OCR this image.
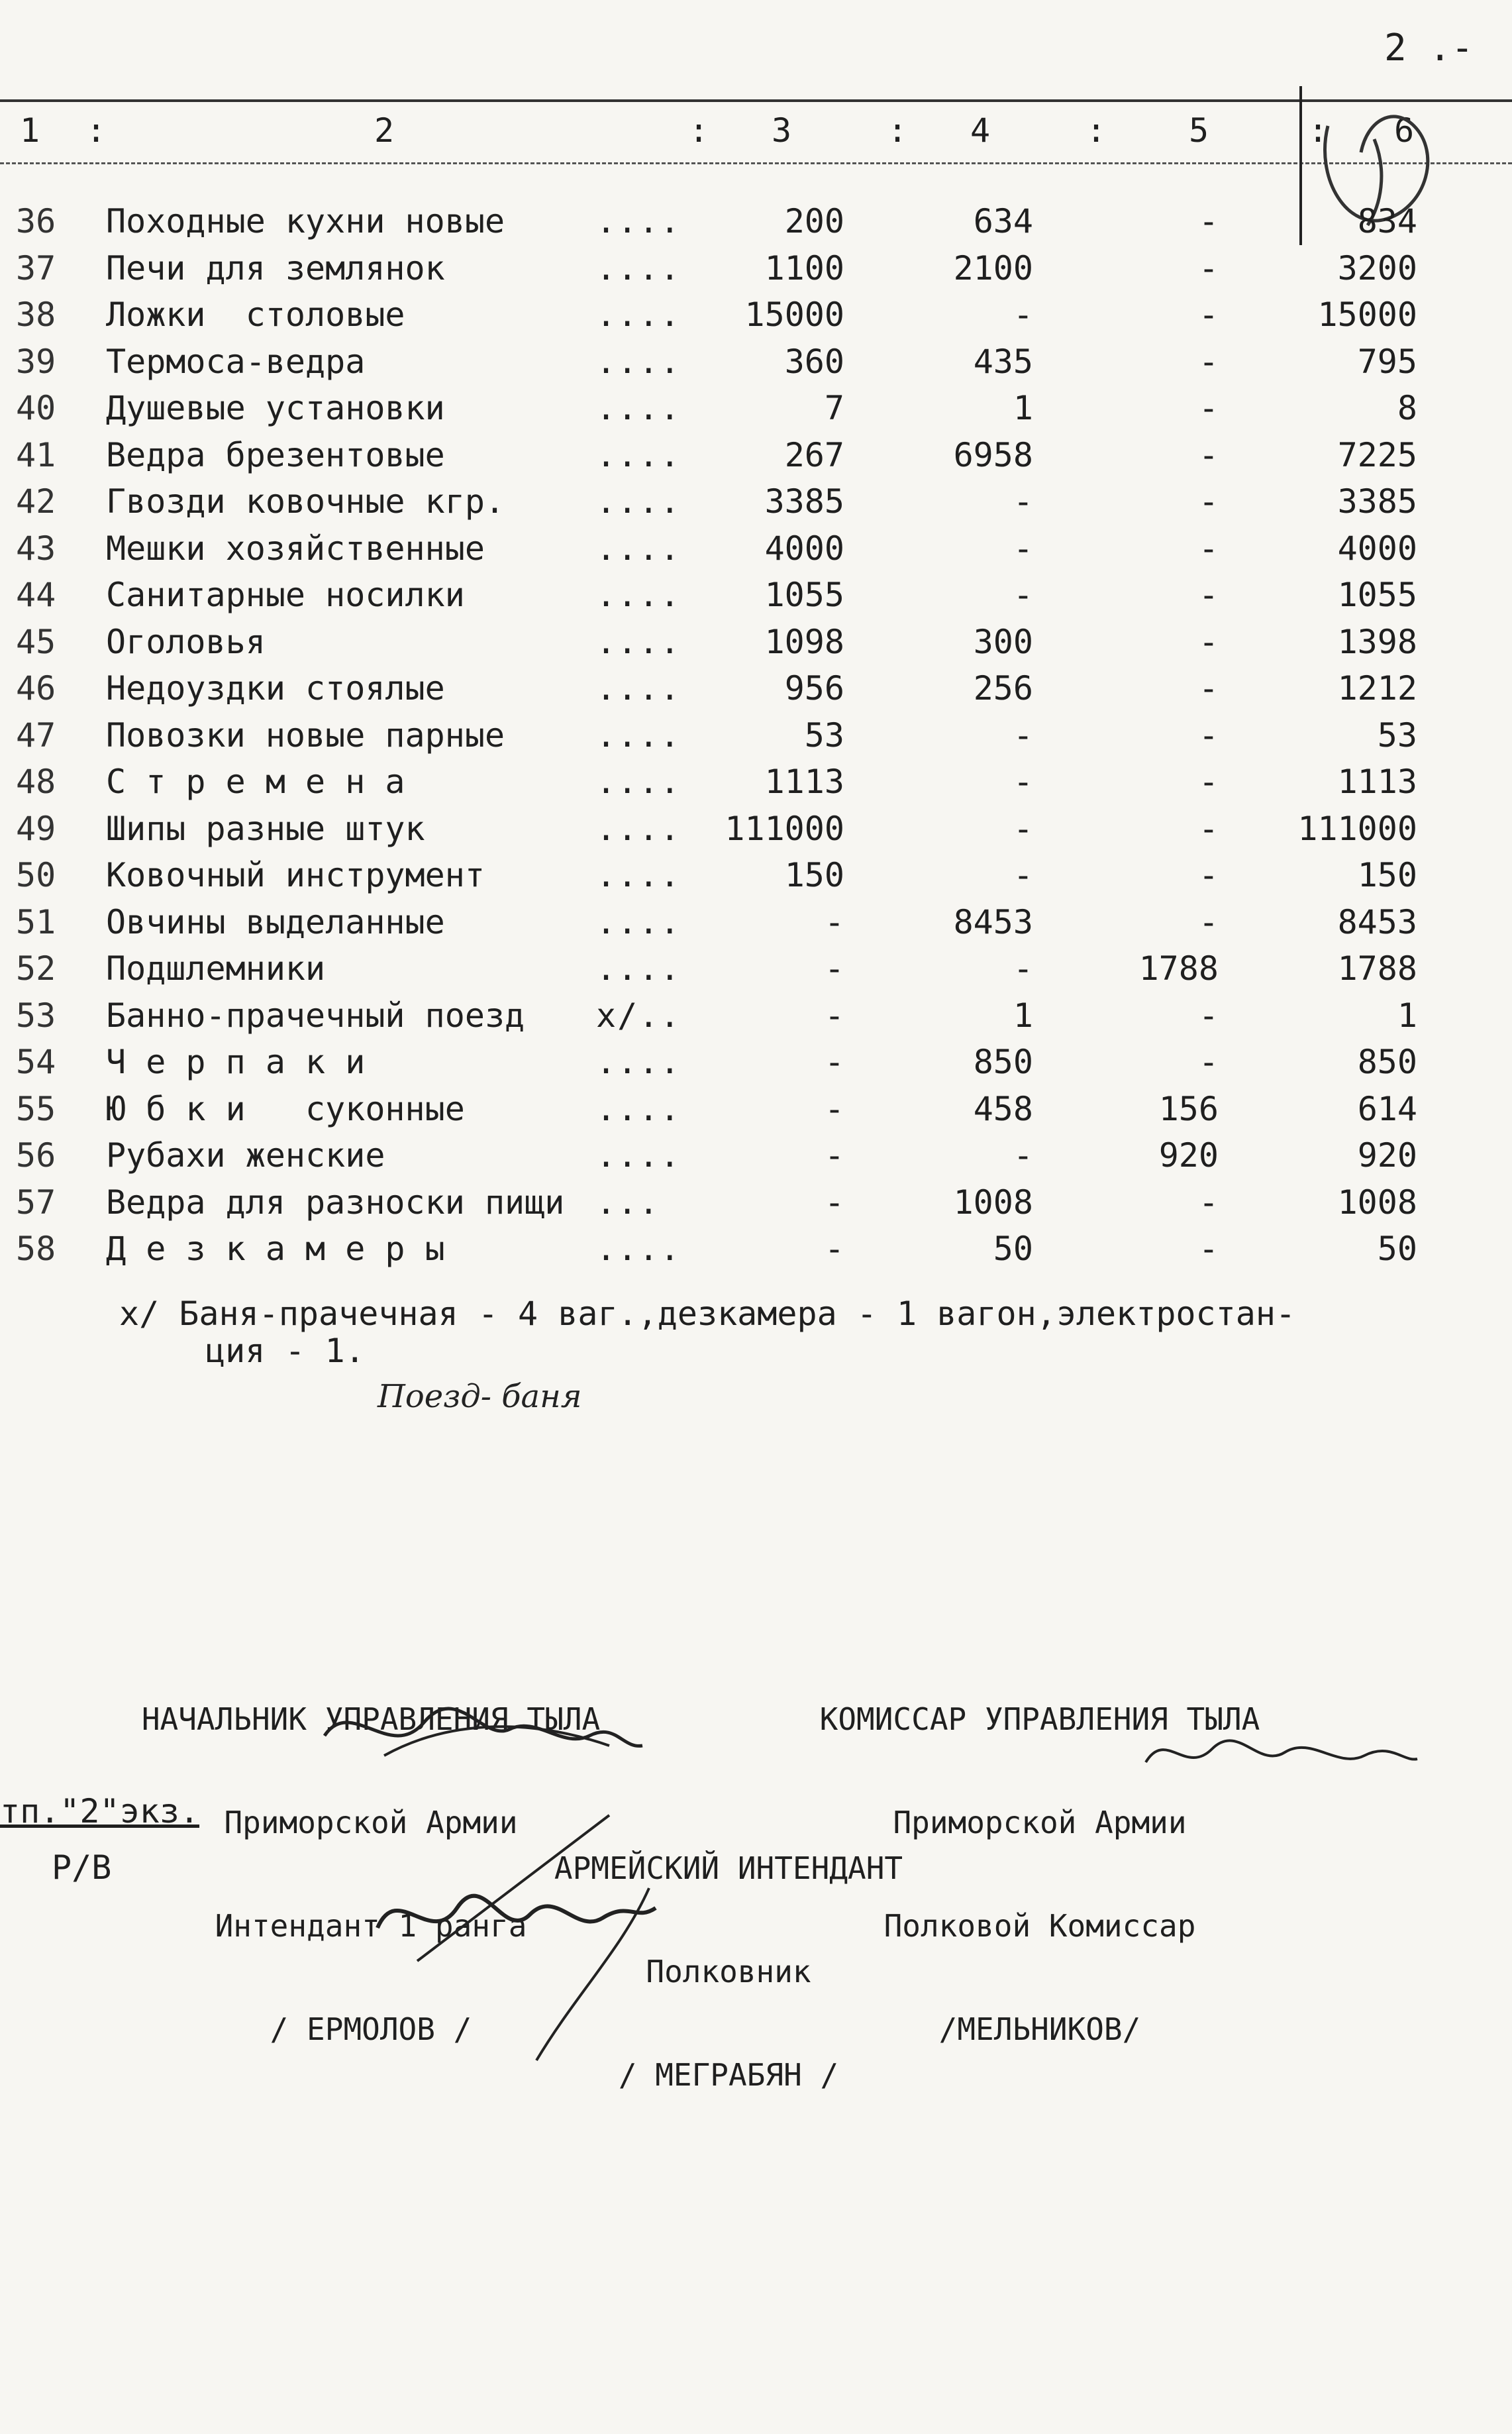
2 .-
1	:	2	:	3	:	4	:	5	:	6
36	Походные кухни новые	....	200	634	-	834
37	Печи для землянок	....	1100	2100	-	3200
38	Ложки  столовые	....	15000	-	-	15000
39	Термоса-ведра	....	360	435	-	795
40	Душевые установки	....	7	1	-	8
41	Ведра брезентовые	....	267	6958	-	7225
42	Гвозди ковочные кгр.	....	3385	-	-	3385
43	Мешки хозяйственные	....	4000	-	-	4000
44	Санитарные носилки	....	1055	-	-	1055
45	Оголовья	....	1098	300	-	1398
46	Недоуздки стоялые	....	956	256	-	1212
47	Повозки новые парные	....	53	-	-	53
48	С т р е м е н а	....	1113	-	-	1113
49	Шипы разные штук	....	111000	-	-	111000
50	Ковочный инструмент	....	150	-	-	150
51	Овчины выделанные	....	-	8453	-	8453
52	Подшлемники	....	-	-	1788	1788
53	Банно-прачечный поезд х/..	-	1	-	1
54	Ч е р п а к и	....	-	850	-	850
55	Ю б к и   суконные	....	-	458	156	614
56	Рубахи женские	....	-	-	920	920
57	Ведра для разноски пищи ...	-	1008	-	1008
58	Д е з к а м е р ы	....	-	50	-	50
х/ Баня-прачечная - 4 ваг.,дезкамера - 1 вагон,электростан-
ция - 1.
Поезд- баня

НАЧАЛЬНИК УПРАВЛЕНИЯ ТЫЛА

Приморской Армии

Интендант 1 ранга

/ ЕРМОЛОВ /

КОМИССАР УПРАВЛЕНИЯ ТЫЛА

Приморской Армии

Полковой Комиссар

/МЕЛЬНИКОВ/

тп."2"экз.
Р/В

	АРМЕЙСКИЙ ИНТЕНДАНТ

Полковник

/ МЕГРАБЯН /
